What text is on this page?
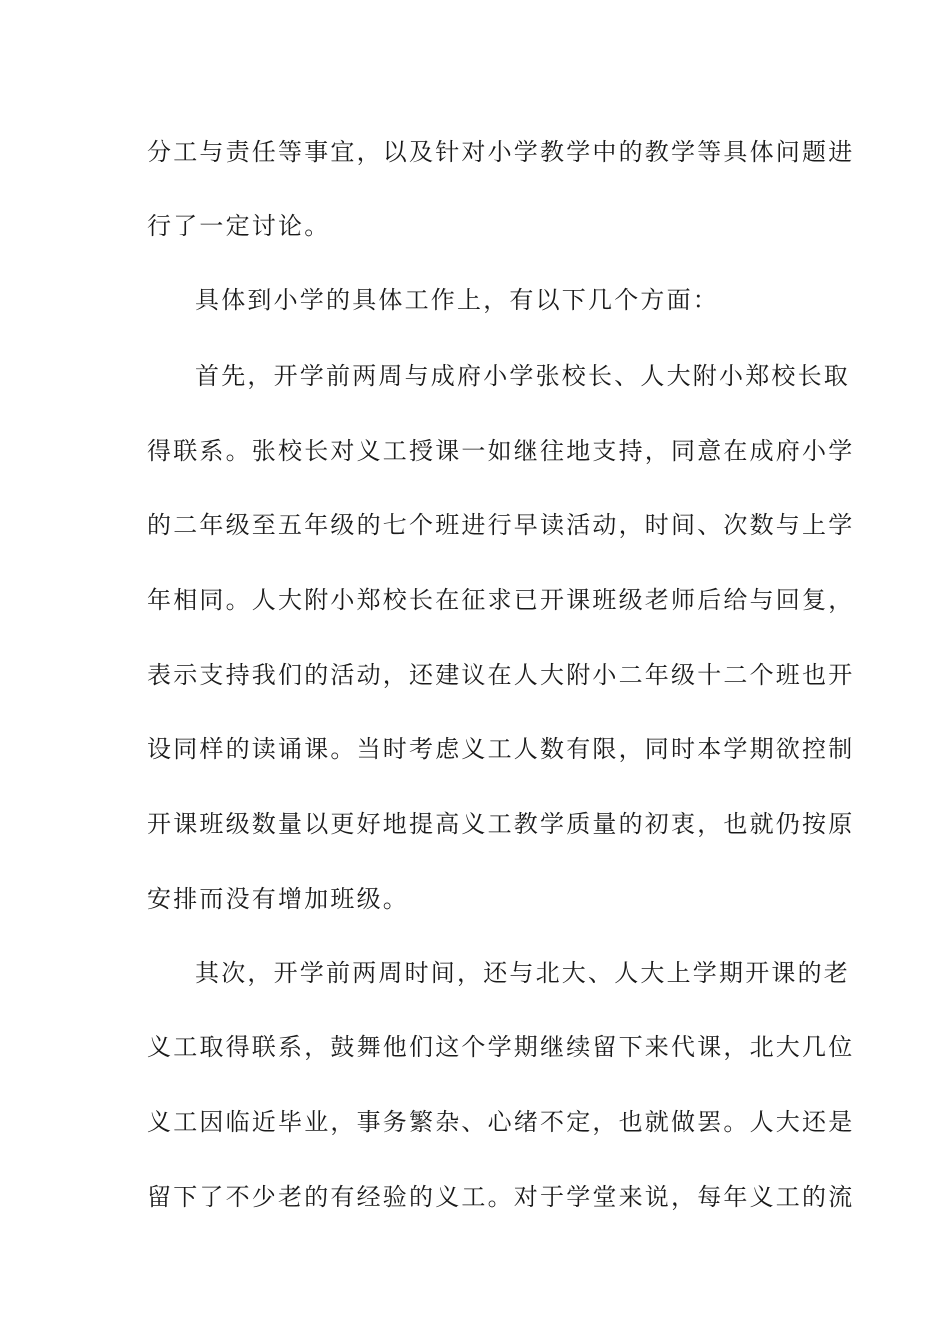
分工与责任等事宜，以及针对小学教学中的教学等具体问题进
行了一定讨论。
具体到小学的具体工作上，有以下几个方面：
首先，开学前两周与成府小学张校长、人大附小郑校长取
得联系。张校长对义工授课一如继往地支持，同意在成府小学
的二年级至五年级的七个班进行早读活动，时间、次数与上学
年相同。人大附小郑校长在征求已开课班级老师后给与回复，
表示支持我们的活动，还建议在人大附小二年级十二个班也开
设同样的读诵课。当时考虑义工人数有限，同时本学期欲控制
开课班级数量以更好地提高义工教学质量的初衷，也就仍按原
安排而没有增加班级。
其次，开学前两周时间，还与北大、人大上学期开课的老
义工取得联系，鼓舞他们这个学期继续留下来代课，北大几位
义工因临近毕业，事务繁杂、心绪不定，也就做罢。人大还是
留下了不少老的有经验的义工。对于学堂来说，每年义工的流
